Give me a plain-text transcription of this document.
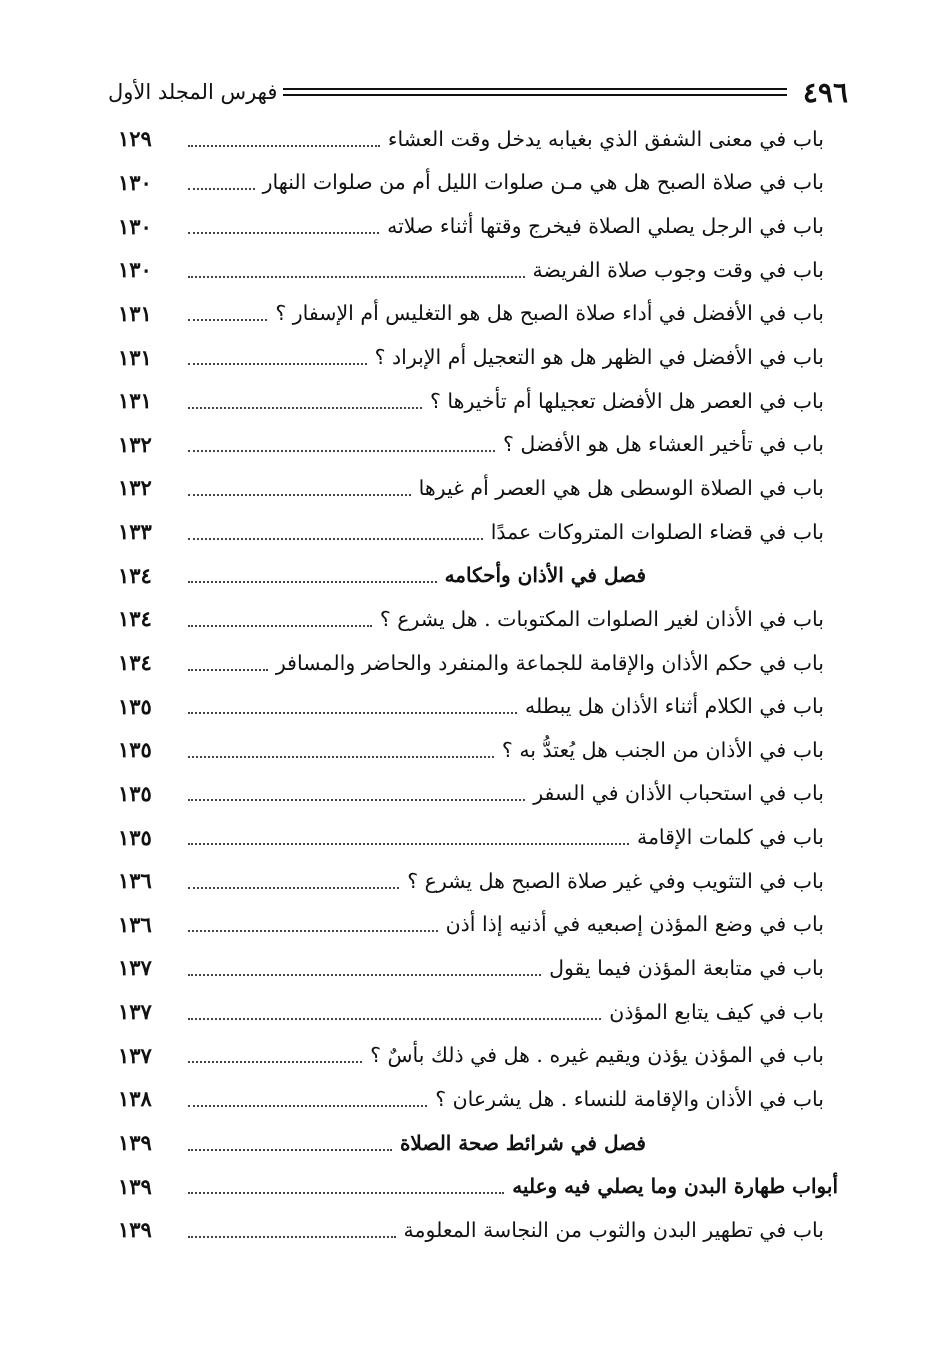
٤٩٦
فهرس المجلد الأول
باب في معنى الشفق الذي بغيابه يدخل وقت العشاء
١٢٩
باب في صلاة الصبح هل هي مـن صلوات الليل أم من صلوات النهار
١٣٠
باب في الرجل يصلي الصلاة فيخرج وقتها أثناء صلاته
١٣٠
باب في وقت وجوب صلاة الفريضة
١٣٠
باب في الأفضل في أداء صلاة الصبح هل هو التغليس أم الإسفار ؟
١٣١
باب في الأفضل في الظهر هل هو التعجيل أم الإبراد ؟
١٣١
باب في العصر هل الأفضل تعجيلها أم تأخيرها ؟
١٣١
باب في تأخير العشاء هل هو الأفضل ؟
١٣٢
باب في الصلاة الوسطى هل هي العصر أم غيرها
١٣٢
باب في قضاء الصلوات المتروكات عمدًا
١٣٣
فصل في الأذان وأحكامه
١٣٤
باب في الأذان لغير الصلوات المكتوبات . هل يشرع ؟
١٣٤
باب في حكم الأذان والإقامة للجماعة والمنفرد والحاضر والمسافر
١٣٤
باب في الكلام أثناء الأذان هل يبطله
١٣٥
باب في الأذان من الجنب هل يُعتدُّ به ؟
١٣٥
باب في استحباب الأذان في السفر
١٣٥
باب في كلمات الإقامة
١٣٥
باب في التثويب وفي غير صلاة الصبح هل يشرع ؟
١٣٦
باب في وضع المؤذن إصبعيه في أذنيه إذا أذن
١٣٦
باب في متابعة المؤذن فيما يقول
١٣٧
باب في كيف يتابع المؤذن
١٣٧
باب في المؤذن يؤذن ويقيم غيره . هل في ذلك بأسٌ ؟
١٣٧
باب في الأذان والإقامة للنساء . هل يشرعان ؟
١٣٨
فصل في شرائط صحة الصلاة
١٣٩
أبواب طهارة البدن وما يصلي فيه وعليه
١٣٩
باب في تطهير البدن والثوب من النجاسة المعلومة
١٣٩
